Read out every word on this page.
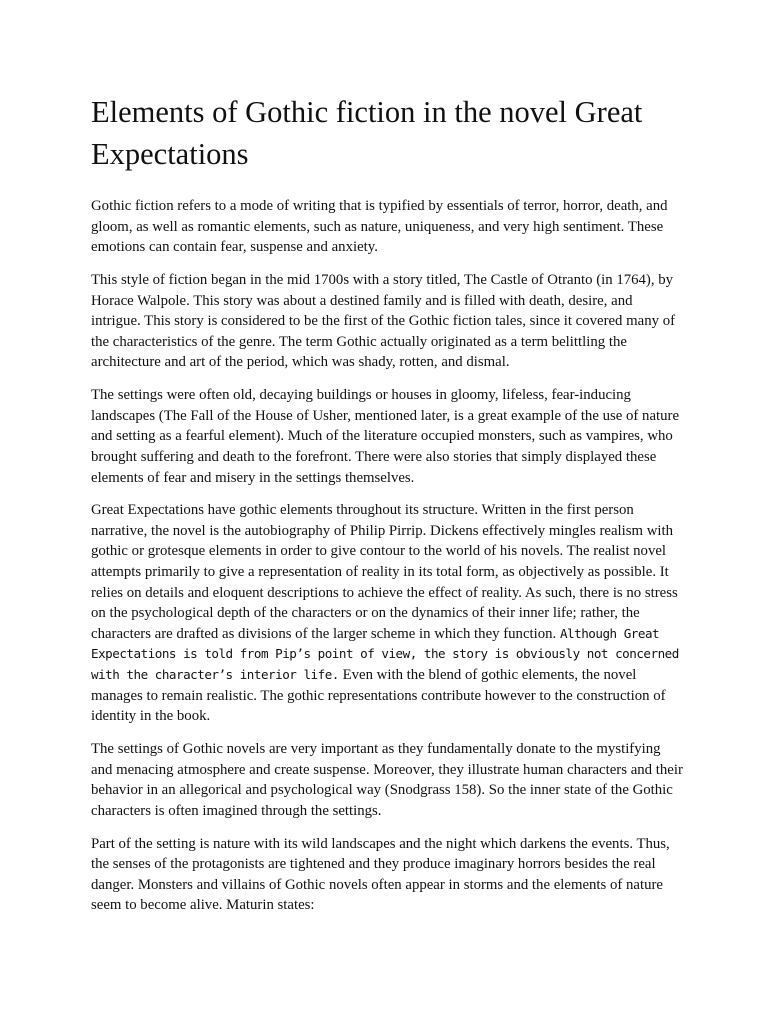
Elements of Gothic fiction in the novel Great Expectations

Gothic fiction refers to a mode of writing that is typified by essentials of terror, horror, death, and gloom, as well as romantic elements, such as nature, uniqueness, and very high sentiment. These emotions can contain fear, suspense and anxiety.

This style of fiction began in the mid 1700s with a story titled, The Castle of Otranto (in 1764), by Horace Walpole. This story was about a destined family and is filled with death, desire, and intrigue. This story is considered to be the first of the Gothic fiction tales, since it covered many of the characteristics of the genre. The term Gothic actually originated as a term belittling the architecture and art of the period, which was shady, rotten, and dismal.

The settings were often old, decaying buildings or houses in gloomy, lifeless, fear-inducing landscapes (The Fall of the House of Usher, mentioned later, is a great example of the use of nature and setting as a fearful element). Much of the literature occupied monsters, such as vampires, who brought suffering and death to the forefront. There were also stories that simply displayed these elements of fear and misery in the settings themselves.

Great Expectations have gothic elements throughout its structure. Written in the first person narrative, the novel is the autobiography of Philip Pirrip. Dickens effectively mingles realism with gothic or grotesque elements in order to give contour to the world of his novels. The realist novel attempts primarily to give a representation of reality in its total form, as objectively as possible. It relies on details and eloquent descriptions to achieve the effect of reality. As such, there is no stress on the psychological depth of the characters or on the dynamics of their inner life; rather, the characters are drafted as divisions of the larger scheme in which they function. Although Great Expectations is told from Pip’s point of view, the story is obviously not concerned with the character’s interior life. Even with the blend of gothic elements, the novel manages to remain realistic. The gothic representations contribute however to the construction of identity in the book.

The settings of Gothic novels are very important as they fundamentally donate to the mystifying and menacing atmosphere and create suspense. Moreover, they illustrate human characters and their behavior in an allegorical and psychological way (Snodgrass 158). So the inner state of the Gothic characters is often imagined through the settings.

Part of the setting is nature with its wild landscapes and the night which darkens the events. Thus, the senses of the protagonists are tightened and they produce imaginary horrors besides the real danger. Monsters and villains of Gothic novels often appear in storms and the elements of nature seem to become alive. Maturin states:
